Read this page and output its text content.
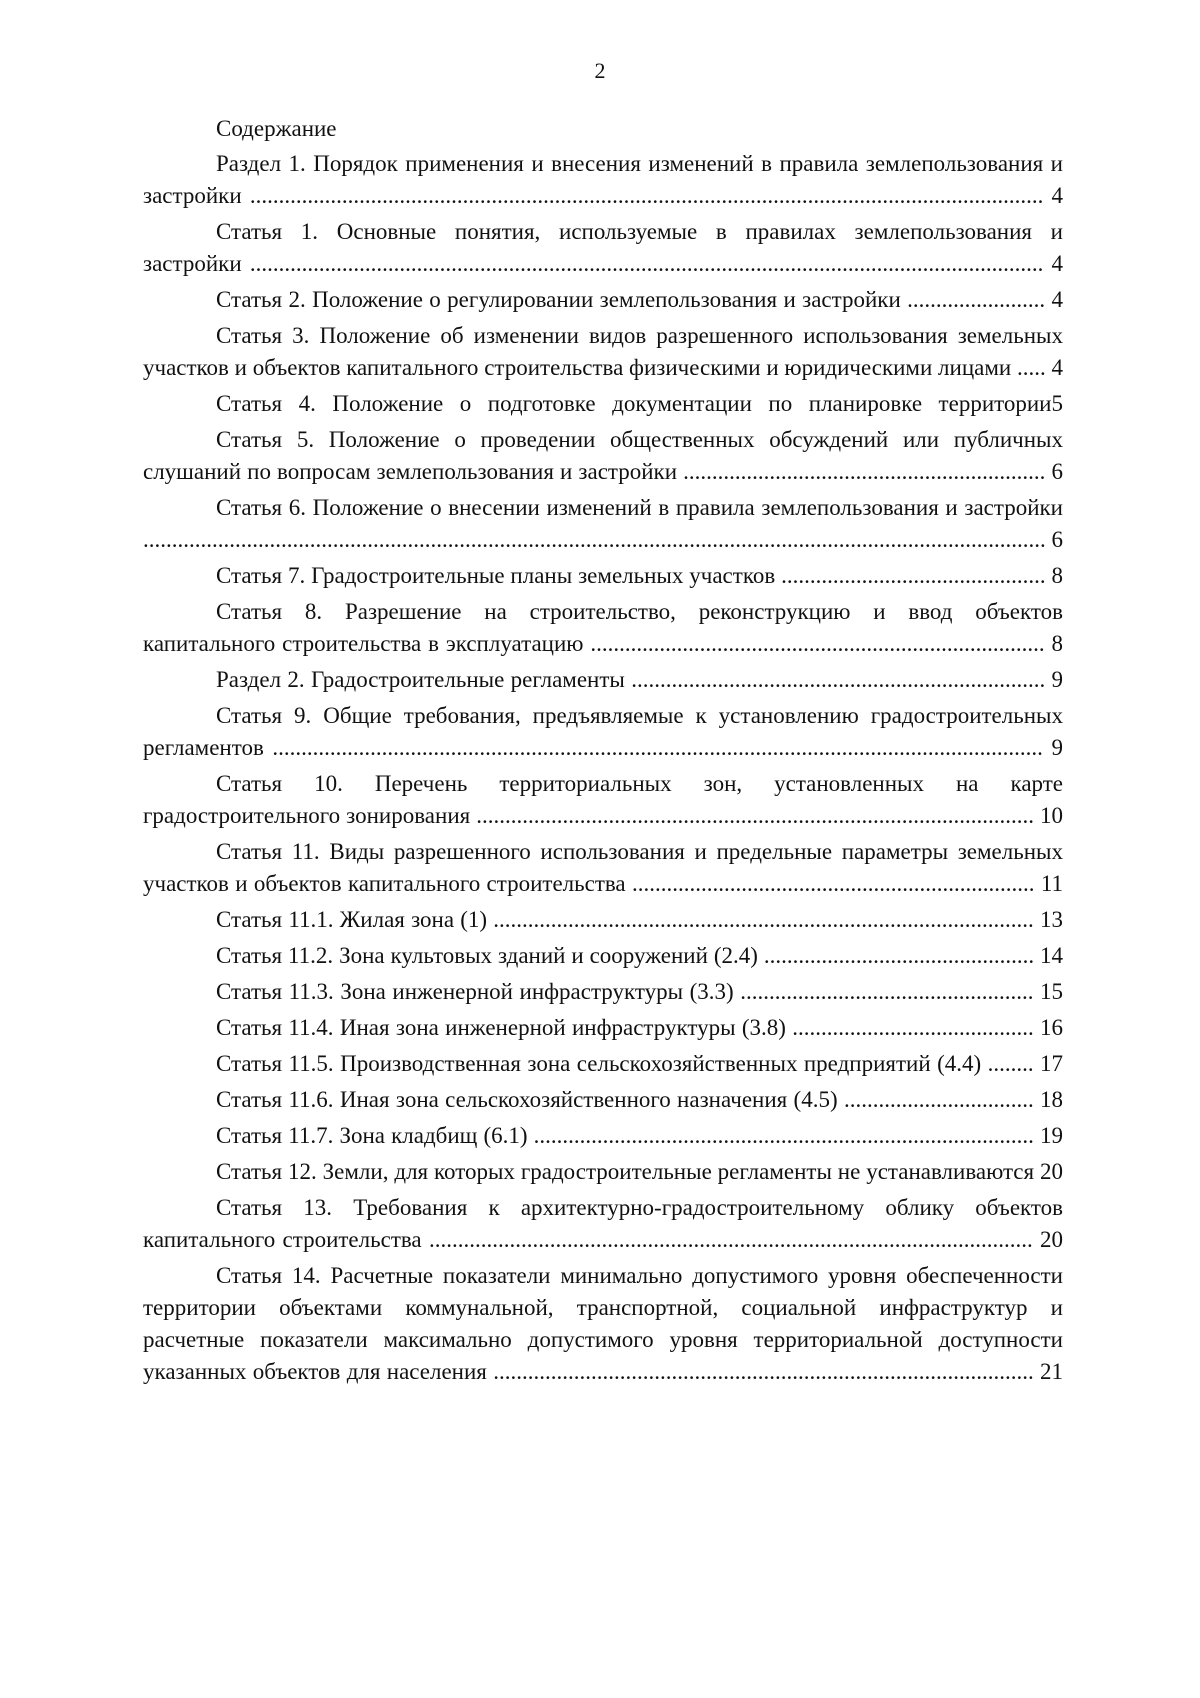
2

Содержание

Раздел 1. Порядок применения и внесения изменений в правила землепользования и застройки .......................................................................................................................................... 4

Статья 1. Основные понятия, используемые в правилах землепользования и застройки .......................................................................................................................................... 4

Статья 2. Положение о регулировании землепользования и застройки ........................ 4

Статья 3. Положение об изменении видов разрешенного использования земельных участков и объектов капитального строительства физическими и юридическими лицами ..... 4

Статья 4. Положение о подготовке документации по планировке территории5

Статья 5. Положение о проведении общественных обсуждений или публичных слушаний по вопросам землепользования и застройки ............................................................... 6

Статья 6. Положение о внесении изменений в правила землепользования и застройки ............................................................................................................................................................. 6

Статья 7. Градостроительные планы земельных участков .............................................. 8

Статья 8. Разрешение на строительство, реконструкцию и ввод объектов капитального строительства в эксплуатацию ............................................................................... 8

Раздел 2. Градостроительные регламенты ........................................................................ 9

Статья 9. Общие требования, предъявляемые к установлению градостроительных регламентов ...................................................................................................................................... 9

Статья 10. Перечень территориальных зон, установленных на карте градостроительного зонирования ................................................................................................. 10

Статья 11. Виды разрешенного использования и предельные параметры земельных участков и объектов капитального строительства ...................................................................... 11

Статья 11.1. Жилая зона (1) .............................................................................................. 13

Статья 11.2. Зона культовых зданий и сооружений (2.4) ............................................... 14

Статья 11.3. Зона инженерной инфраструктуры (3.3) ................................................... 15

Статья 11.4. Иная зона инженерной инфраструктуры (3.8) .......................................... 16

Статья 11.5. Производственная зона сельскохозяйственных предприятий (4.4) ........ 17

Статья 11.6. Иная зона сельскохозяйственного назначения (4.5) ................................. 18

Статья 11.7. Зона кладбищ (6.1) ....................................................................................... 19

Статья 12. Земли, для которых градостроительные регламенты не устанавливаются 20

Статья 13. Требования к архитектурно-градостроительному облику объектов капитального строительства ......................................................................................................... 20

Статья 14. Расчетные показатели минимально допустимого уровня обеспеченности территории объектами коммунальной, транспортной, социальной инфраструктур и расчетные показатели максимально допустимого уровня территориальной доступности указанных объектов для населения .............................................................................................. 21
